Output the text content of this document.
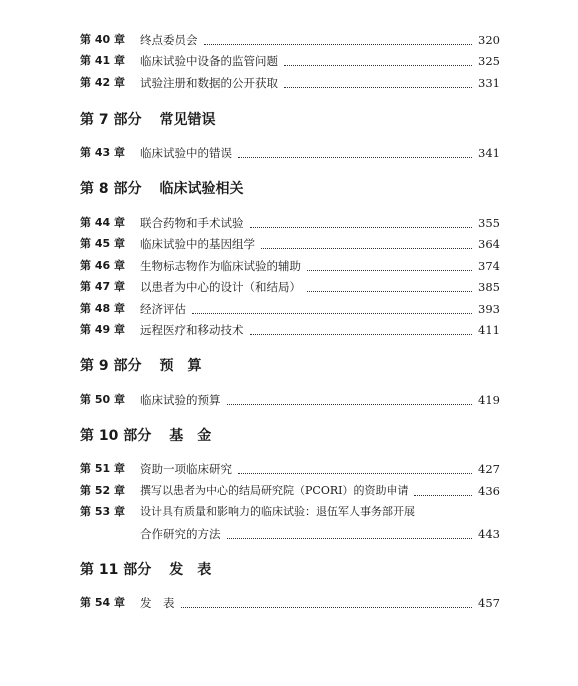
第 40 章 终点委员会	320
第 41 章 临床试验中设备的监管问题	325
第 42 章 试验注册和数据的公开获取	331
第 7 部分 常见错误
第 43 章 临床试验中的错误	341
第 8 部分 临床试验相关
第 44 章 联合药物和手术试验	355
第 45 章 临床试验中的基因组学	364
第 46 章 生物标志物作为临床试验的辅助	374
第 47 章 以患者为中心的设计（和结局）	385
第 48 章 经济评估	393
第 49 章 远程医疗和移动技术	411
第 9 部分 预　算
第 50 章 临床试验的预算	419
第 10 部分 基　金
第 51 章 资助一项临床研究	427
第 52 章 撰写以患者为中心的结局研究院（PCORI）的资助申请	436
第 53 章 设计具有质量和影响力的临床试验：退伍军人事务部开展
合作研究的方法	443
第 11 部分 发　表
第 54 章 发　表	457
